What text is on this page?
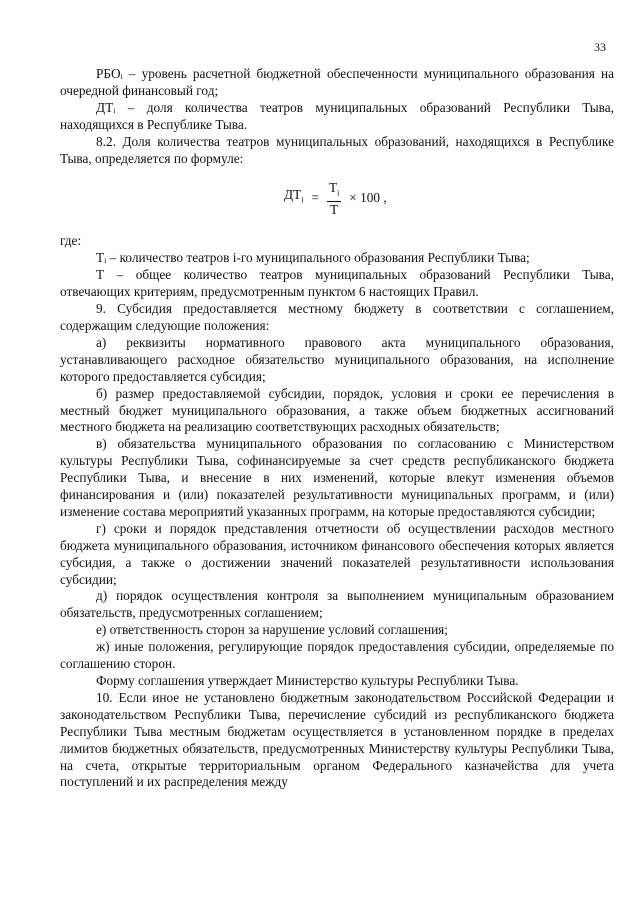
33

РБОᵢ – уровень расчетной бюджетной обеспеченности муниципального образования на очередной финансовый год;

ДТᵢ – доля количества театров муниципальных образований Республики Тыва, находящихся в Республике Тыва.

8.2. Доля количества театров муниципальных образований, находящихся в Республике Тыва, определяется по формуле:

$ДТ_i = \frac{Т_i}{Т} \times 100$ ,

где:

Тᵢ – количество театров i-го муниципального образования Республики Тыва;

Т – общее количество театров муниципальных образований Республики Тыва, отвечающих критериям, предусмотренным пунктом 6 настоящих Правил.

9. Субсидия предоставляется местному бюджету в соответствии с соглашением, содержащим следующие положения:

а) реквизиты нормативного правового акта муниципального образования, устанавливающего расходное обязательство муниципального образования, на исполнение которого предоставляется субсидия;

б) размер предоставляемой субсидии, порядок, условия и сроки ее перечисления в местный бюджет муниципального образования, а также объем бюджетных ассигнований местного бюджета на реализацию соответствующих расходных обязательств;

в) обязательства муниципального образования по согласованию с Министерством культуры Республики Тыва, софинансируемые за счет средств республиканского бюджета Республики Тыва, и внесение в них изменений, которые влекут изменения объемов финансирования и (или) показателей результативности муниципальных программ, и (или) изменение состава мероприятий указанных программ, на которые предоставляются субсидии;

г) сроки и порядок представления отчетности об осуществлении расходов местного бюджета муниципального образования, источником финансового обеспечения которых является субсидия, а также о достижении значений показателей результативности использования субсидии;

д) порядок осуществления контроля за выполнением муниципальным образованием обязательств, предусмотренных соглашением;

е) ответственность сторон за нарушение условий соглашения;

ж) иные положения, регулирующие порядок предоставления субсидии, определяемые по соглашению сторон.

Форму соглашения утверждает Министерство культуры Республики Тыва.

10. Если иное не установлено бюджетным законодательством Российской Федерации и законодательством Республики Тыва, перечисление субсидий из республиканского бюджета Республики Тыва местным бюджетам осуществляется в установленном порядке в пределах лимитов бюджетных обязательств, предусмотренных Министерству культуры Республики Тыва, на счета, открытые территориальным органом Федерального казначейства для учета поступлений и их распределения между
